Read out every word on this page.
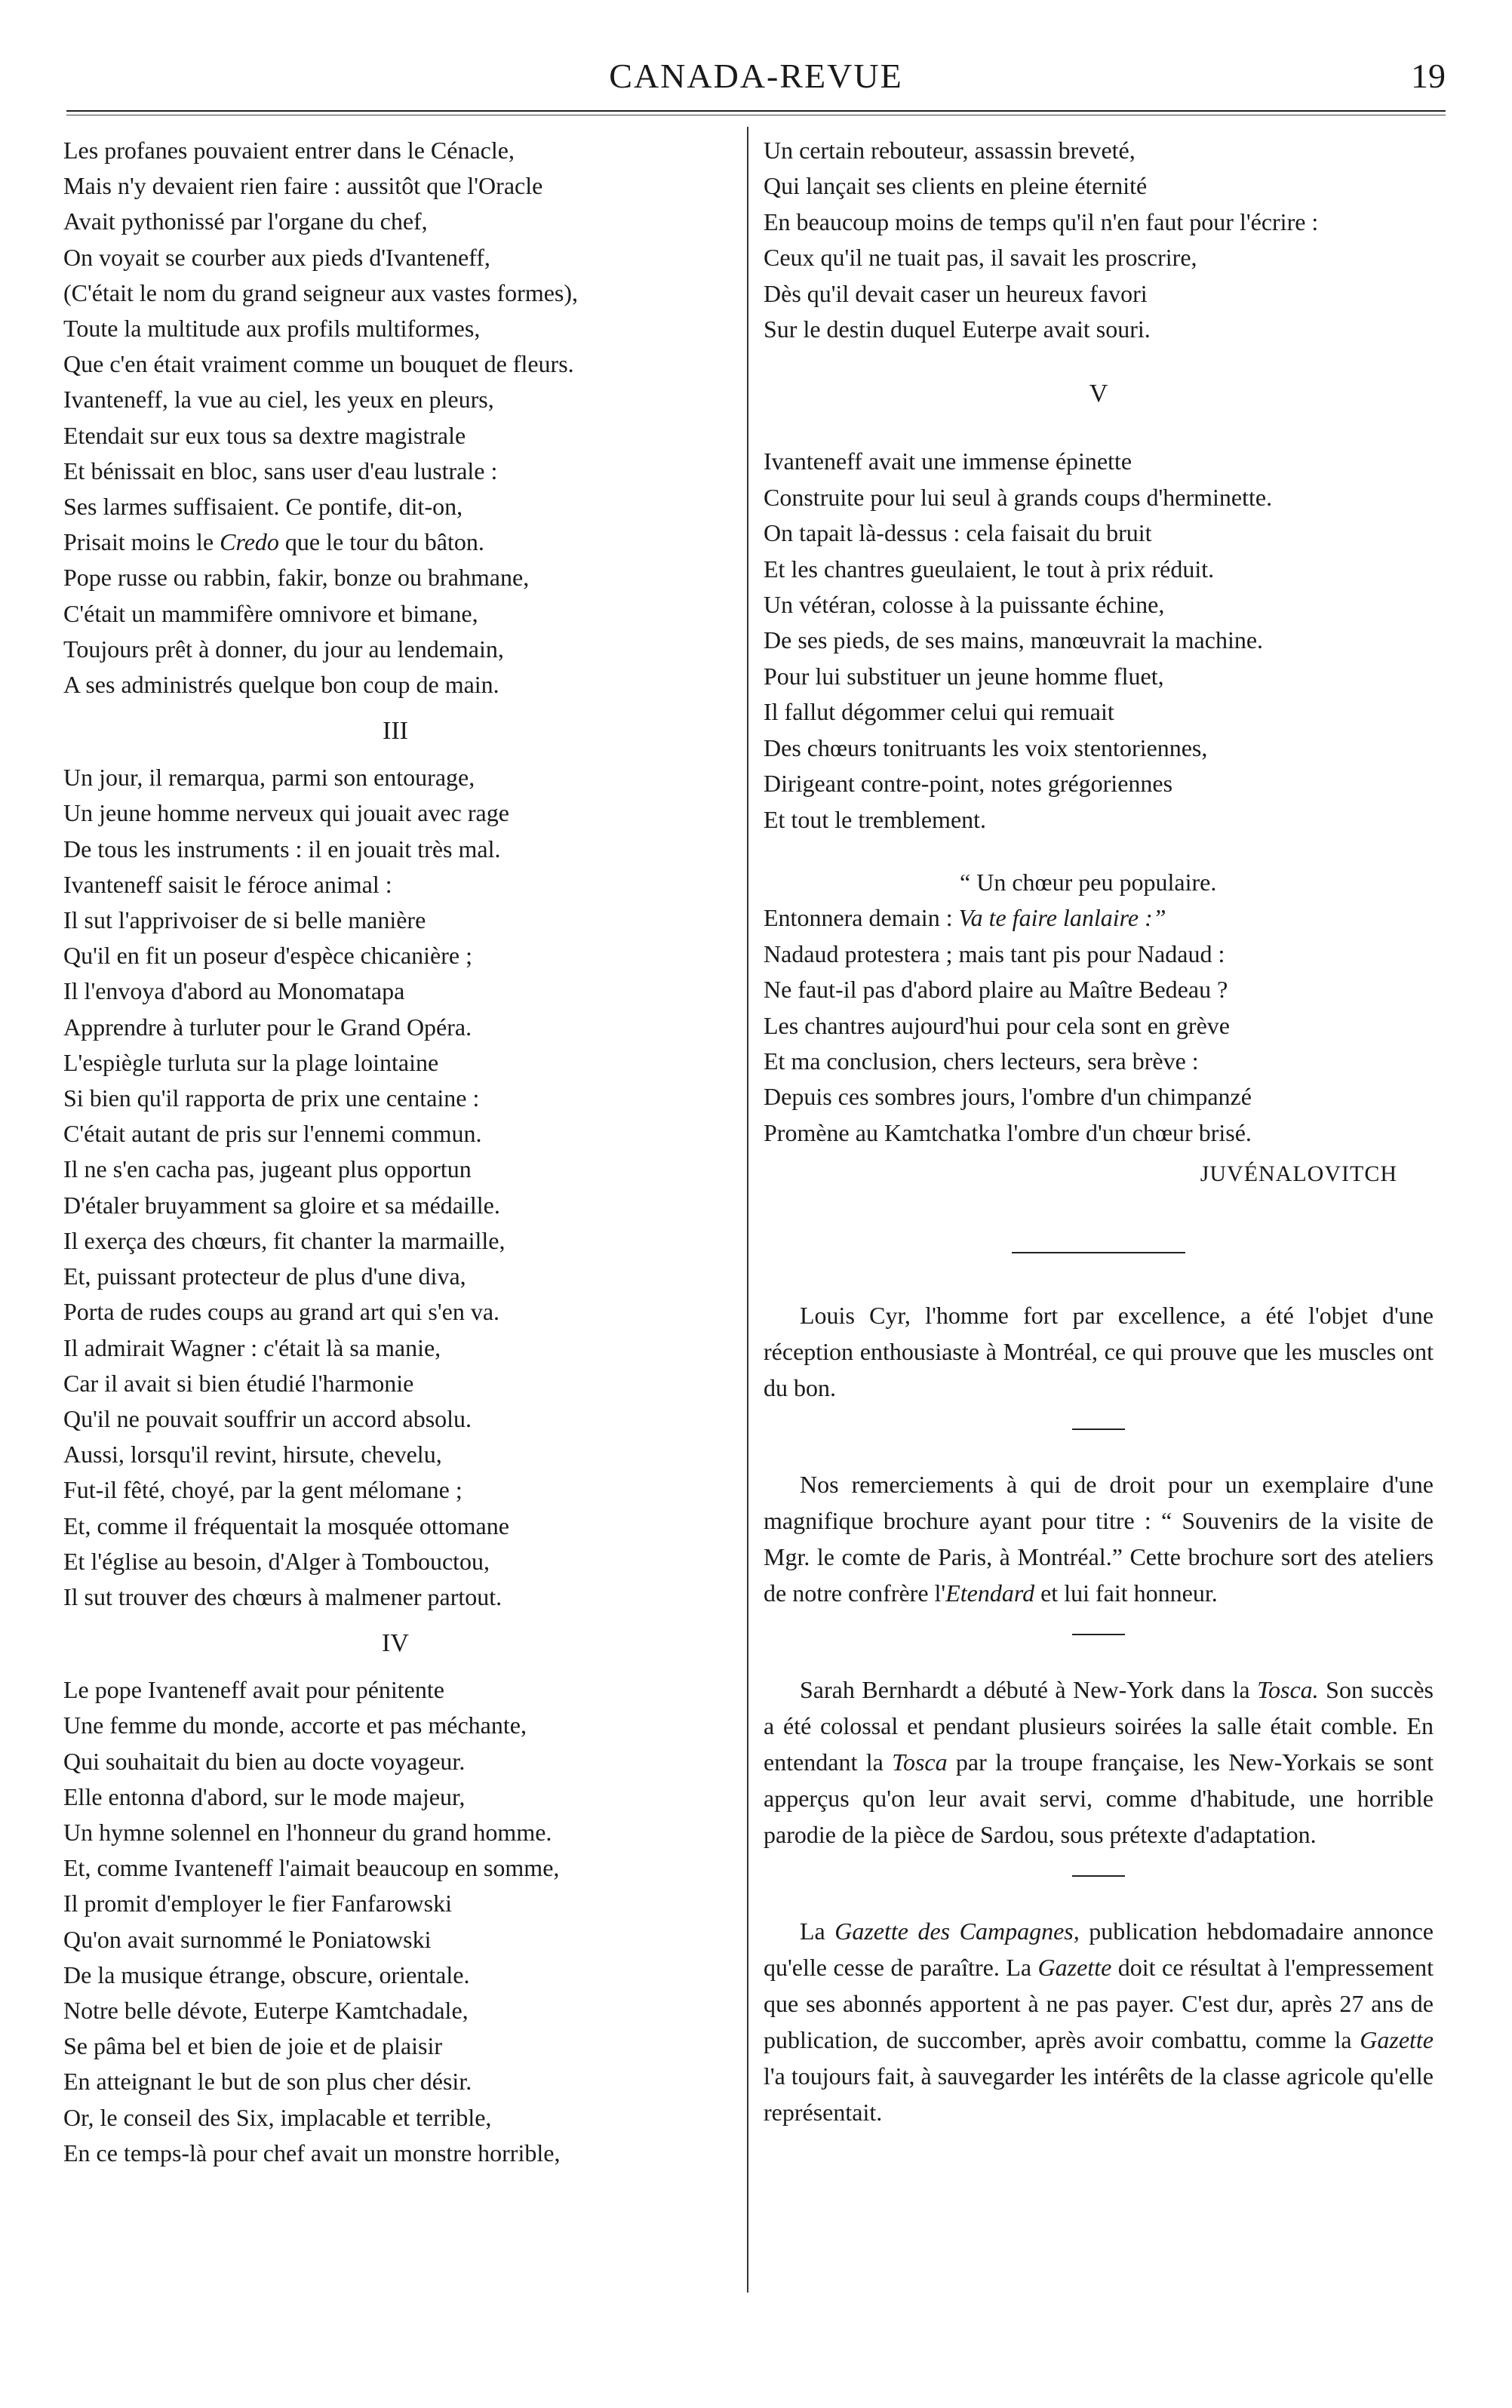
CANADA-REVUE	19
Les profanes pouvaient entrer dans le Cénacle,
Mais n'y devaient rien faire : aussitôt que l'Oracle
Avait pythonissé par l'organe du chef,
On voyait se courber aux pieds d'Ivanteneff,
(C'était le nom du grand seigneur aux vastes formes),
Toute la multitude aux profils multiformes,
Que c'en était vraiment comme un bouquet de fleurs.
Ivanteneff, la vue au ciel, les yeux en pleurs,
Etendait sur eux tous sa dextre magistrale
Et bénissait en bloc, sans user d'eau lustrale :
Ses larmes suffisaient. Ce pontife, dit-on,
Prisait moins le Credo que le tour du bâton.
Pope russe ou rabbin, fakir, bonze ou brahmane,
C'était un mammifère omnivore et bimane,
Toujours prêt à donner, du jour au lendemain,
A ses administrés quelque bon coup de main.
III
Un jour, il remarqua, parmi son entourage,
Un jeune homme nerveux qui jouait avec rage
De tous les instruments : il en jouait très mal.
Ivanteneff saisit le féroce animal :
Il sut l'apprivoiser de si belle manière
Qu'il en fit un poseur d'espèce chicanière ;
Il l'envoya d'abord au Monomatapa
Apprendre à turluter pour le Grand Opéra.
L'espiègle turluta sur la plage lointaine
Si bien qu'il rapporta de prix une centaine :
C'était autant de pris sur l'ennemi commun.
Il ne s'en cacha pas, jugeant plus opportun
D'étaler bruyamment sa gloire et sa médaille.
Il exerça des chœurs, fit chanter la marmaille,
Et, puissant protecteur de plus d'une diva,
Porta de rudes coups au grand art qui s'en va.
Il admirait Wagner : c'était là sa manie,
Car il avait si bien étudié l'harmonie
Qu'il ne pouvait souffrir un accord absolu.
Aussi, lorsqu'il revint, hirsute, chevelu,
Fut-il fêté, choyé, par la gent mélomane ;
Et, comme il fréquentait la mosquée ottomane
Et l'église au besoin, d'Alger à Tombouctou,
Il sut trouver des chœurs à malmener partout.
IV
Le pope Ivanteneff avait pour pénitente
Une femme du monde, accorte et pas méchante,
Qui souhaitait du bien au docte voyageur.
Elle entonna d'abord, sur le mode majeur,
Un hymne solennel en l'honneur du grand homme.
Et, comme Ivanteneff l'aimait beaucoup en somme,
Il promit d'employer le fier Fanfarowski
Qu'on avait surnommé le Poniatowski
De la musique étrange, obscure, orientale.
Notre belle dévote, Euterpe Kamtchadale,
Se pâma bel et bien de joie et de plaisir
En atteignant le but de son plus cher désir.
Or, le conseil des Six, implacable et terrible,
En ce temps-là pour chef avait un monstre horrible,
Un certain rebouteur, assassin breveté,
Qui lançait ses clients en pleine éternité
En beaucoup moins de temps qu'il n'en faut pour l'écrire :
Ceux qu'il ne tuait pas, il savait les proscrire,
Dès qu'il devait caser un heureux favori
Sur le destin duquel Euterpe avait souri.
V
Ivanteneff avait une immense épinette
Construite pour lui seul à grands coups d'herminette.
On tapait là-dessus : cela faisait du bruit
Et les chantres gueulaient, le tout à prix réduit.
Un vétéran, colosse à la puissante échine,
De ses pieds, de ses mains, manœuvrait la machine.
Pour lui substituer un jeune homme fluet,
Il fallut dégommer celui qui remuait
Des chœurs tonitruants les voix stentoriennes,
Dirigeant contre-point, notes grégoriennes
Et tout le tremblement.
“ Un chœur peu populaire.
Entonnera demain : Va te faire lanlaire :”
Nadaud protestera ; mais tant pis pour Nadaud :
Ne faut-il pas d'abord plaire au Maître Bedeau ?
Les chantres aujourd'hui pour cela sont en grève
Et ma conclusion, chers lecteurs, sera brève :
Depuis ces sombres jours, l'ombre d'un chimpanzé
Promène au Kamtchatka l'ombre d'un chœur brisé.
JUVÉNALOVITCH

Louis Cyr, l'homme fort par excellence, a été l'objet d'une réception enthousiaste à Montréal, ce qui prouve que les muscles ont du bon.

Nos remerciements à qui de droit pour un exemplaire d'une magnifique brochure ayant pour titre : “ Souvenirs de la visite de Mgr. le comte de Paris, à Montréal.” Cette brochure sort des ateliers de notre confrère l'Etendard et lui fait honneur.

Sarah Bernhardt a débuté à New-York dans la Tosca. Son succès a été colossal et pendant plusieurs soirées la salle était comble. En entendant la Tosca par la troupe française, les New-Yorkais se sont apperçus qu'on leur avait servi, comme d'habitude, une horrible parodie de la pièce de Sardou, sous prétexte d'adaptation.

La Gazette des Campagnes, publication hebdomadaire annonce qu'elle cesse de paraître. La Gazette doit ce résultat à l'empressement que ses abonnés apportent à ne pas payer. C'est dur, après 27 ans de publication, de succomber, après avoir combattu, comme la Gazette l'a toujours fait, à sauvegarder les intérêts de la classe agricole qu'elle représentait.
